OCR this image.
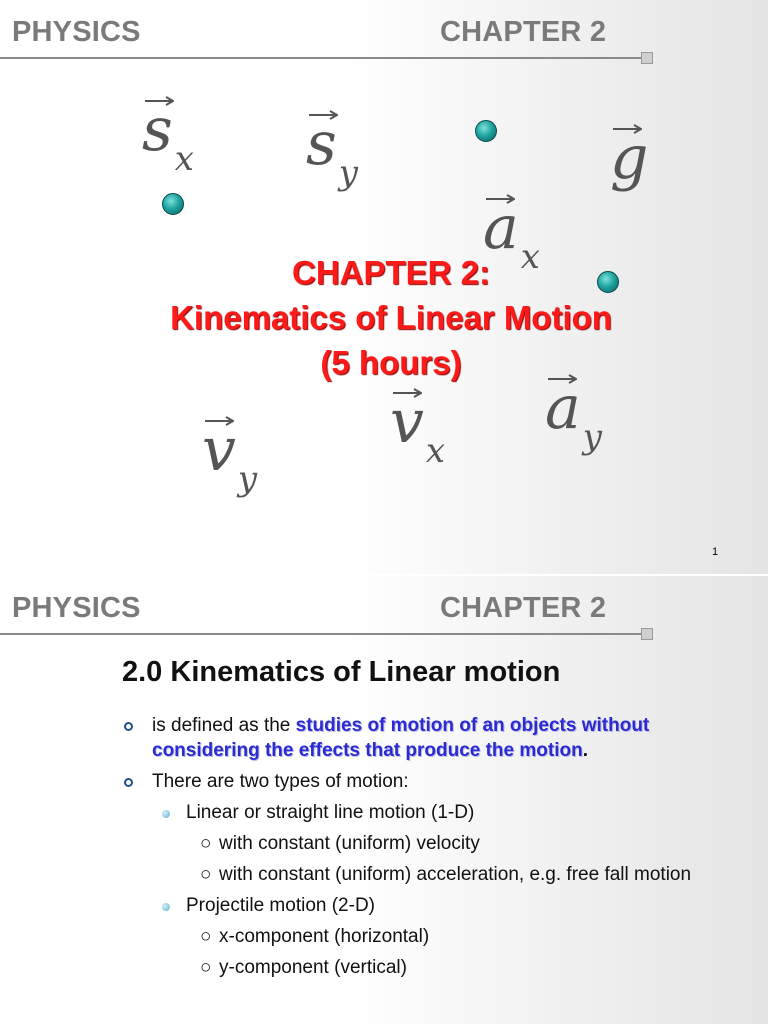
PHYSICS	CHAPTER 2
sx sy	g
ax
ay
vx
vy
CHAPTER 2:
Kinematics of Linear Motion
(5 hours)
1
PHYSICS	CHAPTER 2
2.0 Kinematics of Linear motion
is defined as the studies of motion of an objects without
considering the effects that produce the motion.
There are two types of motion:
Linear or straight line motion (1-D)
○ with constant (uniform) velocity
○ with constant (uniform) acceleration, e.g. free fall motion
Projectile motion (2-D)
○ x-component (horizontal)
○ y-component (vertical)
